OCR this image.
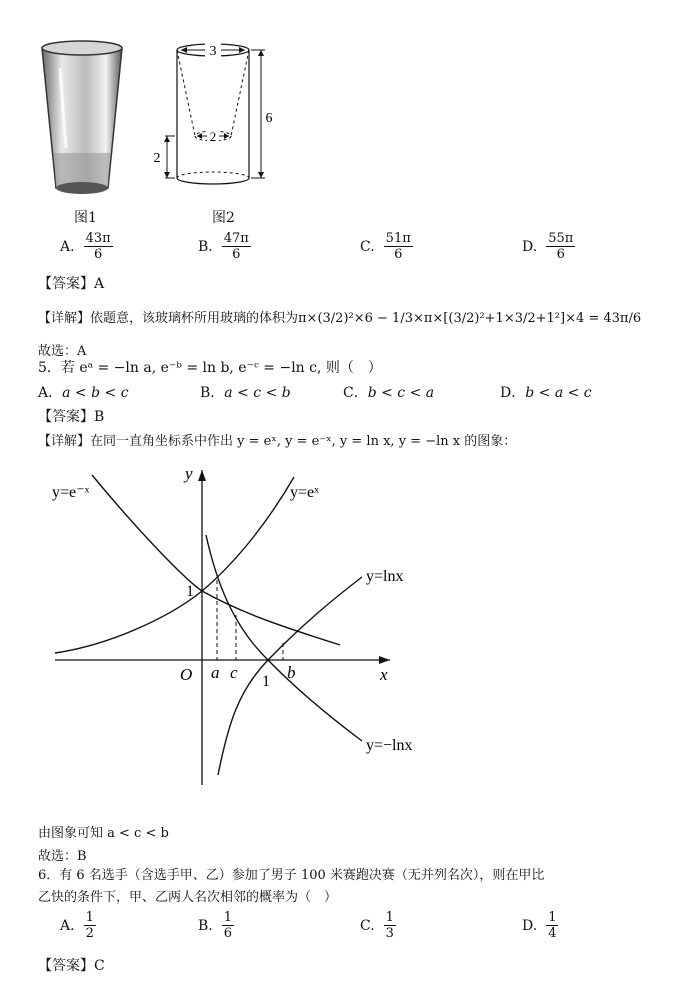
3
6
2
2
图1	图2
A. $\frac{43\pi}{6}$	B. $\frac{47\pi}{6}$	C. $\frac{51\pi}{6}$	D. $\frac{55\pi}{6}$
【答案】A
【详解】依题意，该玻璃杯所用玻璃的体积为π×(3/2)²×6 − 1/3×π×[(3/2)²+1×3/2+1²]×4 = 43π/6
故选：A
5．若 eᵃ = −ln a, e⁻ᵇ = ln b, e⁻ᶜ = −ln c, 则（　）
A．a < b < c	B．a < c < b	C．b < c < a	D．b < a < c
【答案】B
【详解】在同一直角坐标系中作出 y = eˣ, y = e⁻ˣ, y = ln x, y = −ln x 的图象：
y
x
O
1
1
a c	b
y=e⁻ˣ	y=eˣ
y=lnx
y=−lnx
由图象可知 a < c < b
故选：B
6．有 6 名选手（含选手甲、乙）参加了男子 100 米赛跑决赛（无并列名次），则在甲比
乙快的条件下，甲、乙两人名次相邻的概率为（　）
A. $\frac{1}{2}$	B. $\frac{1}{6}$	C. $\frac{1}{3}$	D. $\frac{1}{4}$
【答案】C
